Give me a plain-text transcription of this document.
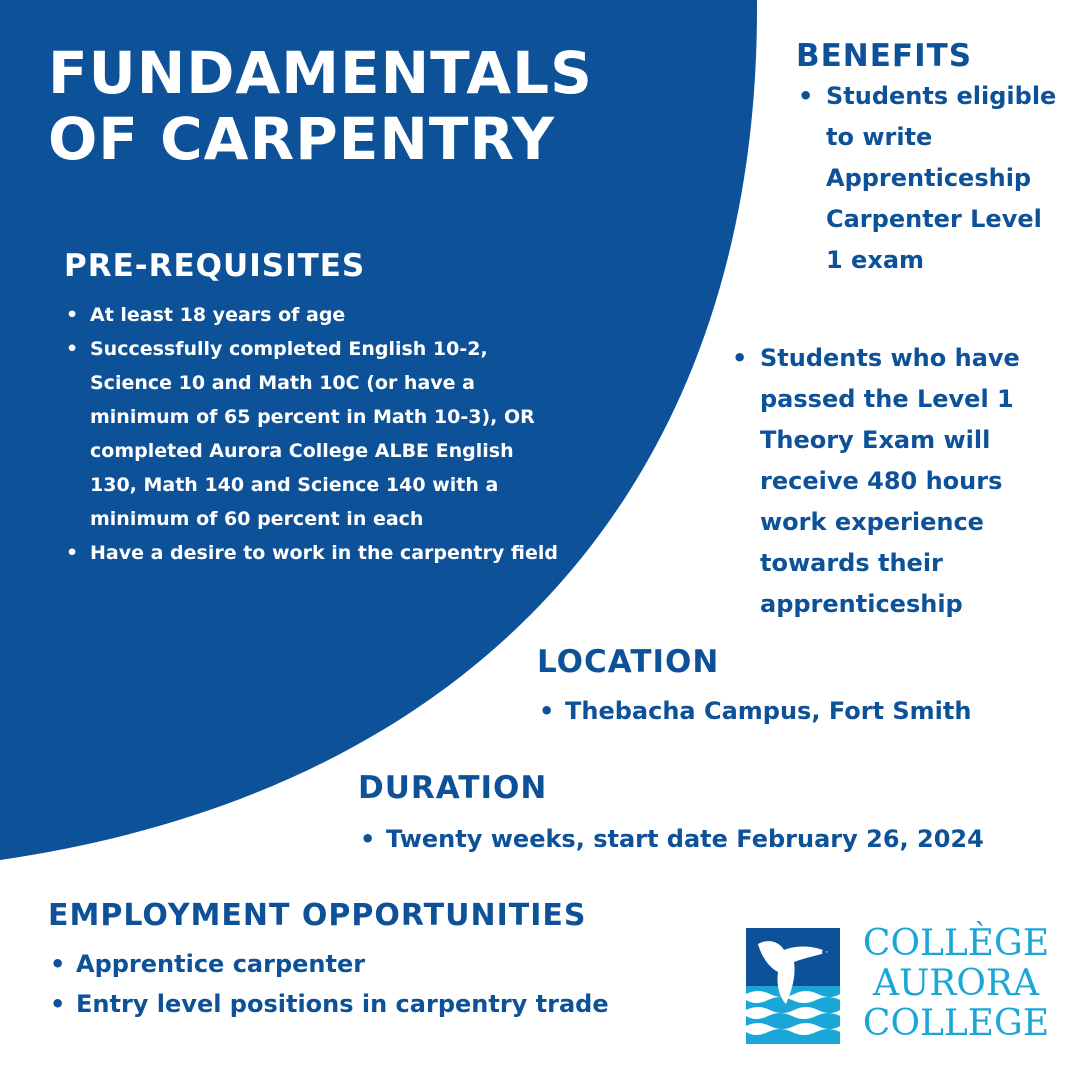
FUNDAMENTALS
OF CARPENTRY
PRE-REQUISITES
• At least 18 years of age
• Successfully completed English 10-2, Science 10 and Math 10C (or have a minimum of 65 percent in Math 10-3), OR completed Aurora College ALBE English 130, Math 140 and Science 140 with a minimum of 60 percent in each
• Have a desire to work in the carpentry field
BENEFITS
• Students eligible to write Apprenticeship Carpenter Level 1 exam
• Students who have passed the Level 1 Theory Exam will receive 480 hours work experience towards their apprenticeship
LOCATION
• Thebacha Campus, Fort Smith
DURATION
• Twenty weeks, start date February 26, 2024
EMPLOYMENT OPPORTUNITIES
• Apprentice carpenter
• Entry level positions in carpentry trade
COLLÈGE
AURORA
COLLEGE
